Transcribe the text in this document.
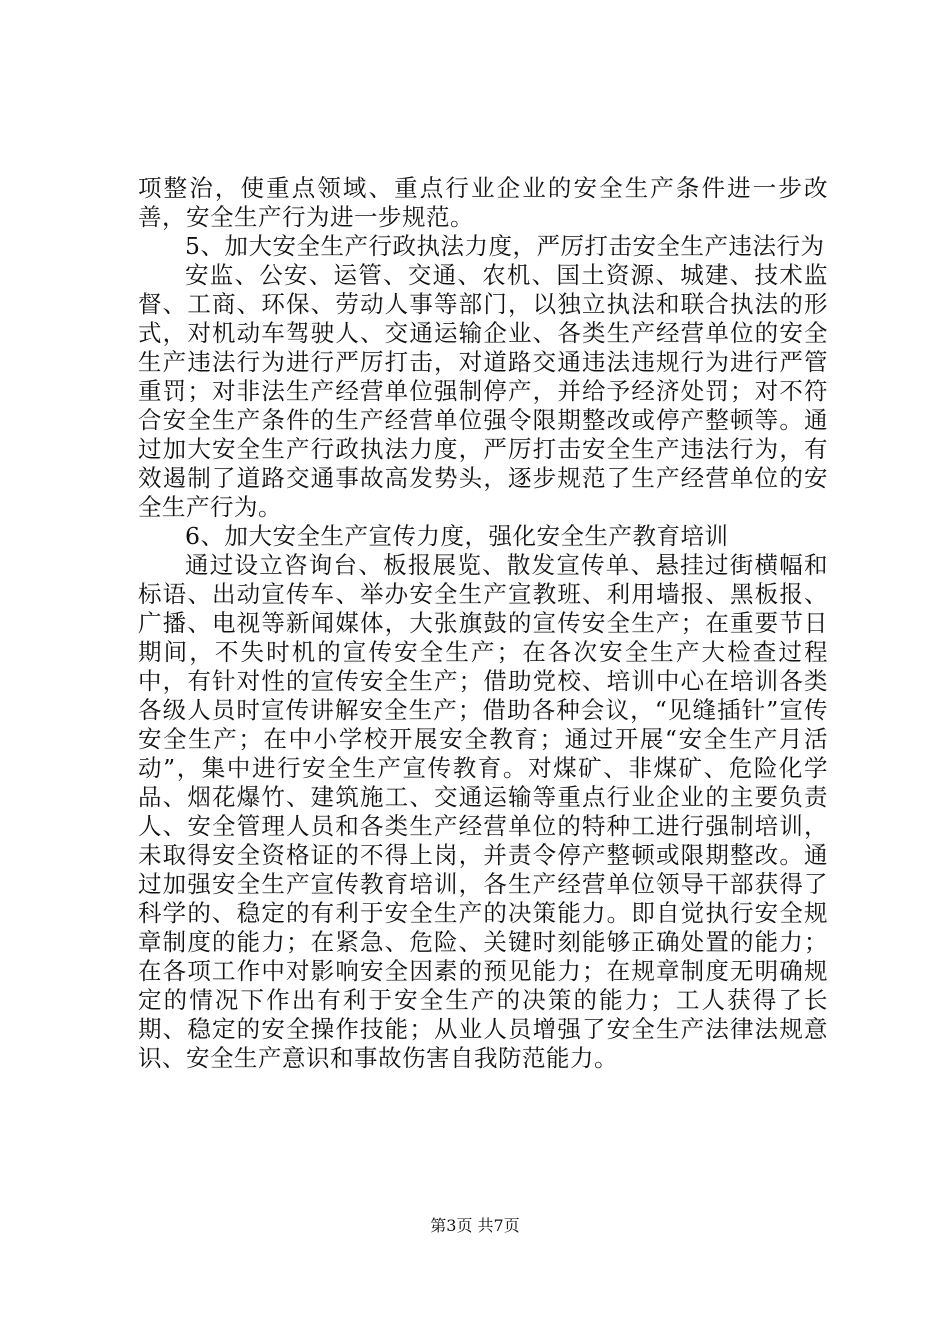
项整治，使重点领域、重点行业企业的安全生产条件进一步改善，安全生产行为进一步规范。

5、加大安全生产行政执法力度，严厉打击安全生产违法行为

安监、公安、运管、交通、农机、国土资源、城建、技术监督、工商、环保、劳动人事等部门，以独立执法和联合执法的形式，对机动车驾驶人、交通运输企业、各类生产经营单位的安全生产违法行为进行严厉打击，对道路交通违法违规行为进行严管重罚；对非法生产经营单位强制停产，并给予经济处罚；对不符合安全生产条件的生产经营单位强令限期整改或停产整顿等。通过加大安全生产行政执法力度，严厉打击安全生产违法行为，有效遏制了道路交通事故高发势头，逐步规范了生产经营单位的安全生产行为。

6、加大安全生产宣传力度，强化安全生产教育培训

通过设立咨询台、板报展览、散发宣传单、悬挂过街横幅和标语、出动宣传车、举办安全生产宣教班、利用墙报、黑板报、广播、电视等新闻媒体，大张旗鼓的宣传安全生产；在重要节日期间，不失时机的宣传安全生产；在各次安全生产大检查过程中，有针对性的宣传安全生产；借助党校、培训中心在培训各类各级人员时宣传讲解安全生产；借助各种会议，“见缝插针”宣传安全生产；在中小学校开展安全教育；通过开展“安全生产月活动”，集中进行安全生产宣传教育。对煤矿、非煤矿、危险化学品、烟花爆竹、建筑施工、交通运输等重点行业企业的主要负责人、安全管理人员和各类生产经营单位的特种工进行强制培训，未取得安全资格证的不得上岗，并责令停产整顿或限期整改。通过加强安全生产宣传教育培训，各生产经营单位领导干部获得了科学的、稳定的有利于安全生产的决策能力。即自觉执行安全规章制度的能力；在紧急、危险、关键时刻能够正确处置的能力；在各项工作中对影响安全因素的预见能力；在规章制度无明确规定的情况下作出有利于安全生产的决策的能力；工人获得了长期、稳定的安全操作技能；从业人员增强了安全生产法律法规意识、安全生产意识和事故伤害自我防范能力。

第3页 共7页
